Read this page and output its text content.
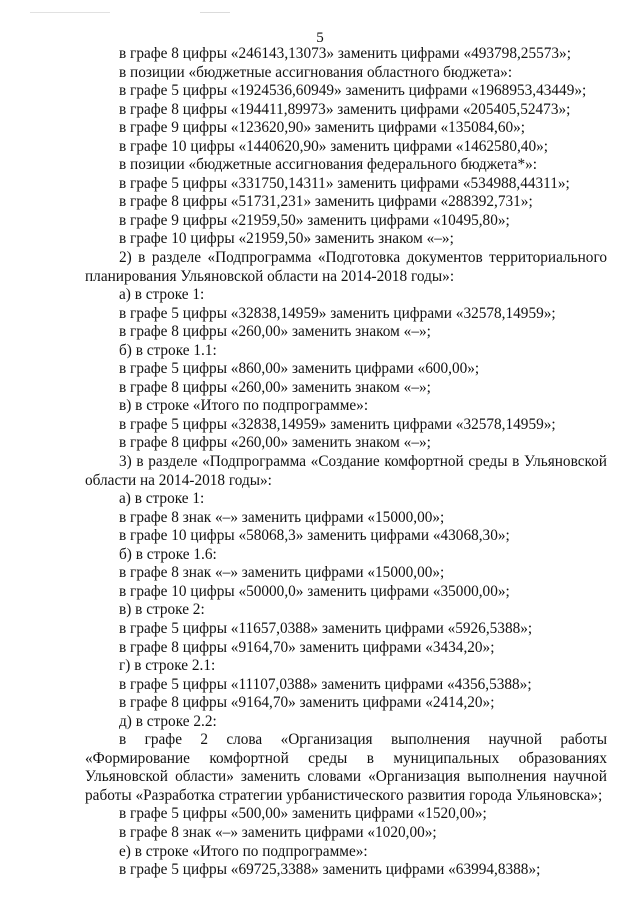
5
в графе 8 цифры «246143,13073» заменить цифрами «493798,25573»;
в позиции «бюджетные ассигнования областного бюджета»:
в графе 5 цифры «1924536,60949» заменить цифрами «1968953,43449»;
в графе 8 цифры «194411,89973» заменить цифрами «205405,52473»;
в графе 9 цифры «123620,90» заменить цифрами «135084,60»;
в графе 10 цифры «1440620,90» заменить цифрами «1462580,40»;
в позиции «бюджетные ассигнования федерального бюджета*»:
в графе 5 цифры «331750,14311» заменить цифрами «534988,44311»;
в графе 8 цифры «51731,231» заменить цифрами «288392,731»;
в графе 9 цифры «21959,50» заменить цифрами «10495,80»;
в графе 10 цифры «21959,50» заменить знаком «–»;
2) в разделе «Подпрограмма «Подготовка документов территориального
планирования Ульяновской области на 2014-2018 годы»:
а) в строке 1:
в графе 5 цифры «32838,14959» заменить цифрами «32578,14959»;
в графе 8 цифры «260,00» заменить знаком «–»;
б) в строке 1.1:
в графе 5 цифры «860,00» заменить цифрами «600,00»;
в графе 8 цифры «260,00» заменить знаком «–»;
в) в строке «Итого по подпрограмме»:
в графе 5 цифры «32838,14959» заменить цифрами «32578,14959»;
в графе 8 цифры «260,00» заменить знаком «–»;
3) в разделе «Подпрограмма «Создание комфортной среды в Ульяновской
области на 2014-2018 годы»:
а) в строке 1:
в графе 8 знак «–» заменить цифрами «15000,00»;
в графе 10 цифры «58068,3» заменить цифрами «43068,30»;
б) в строке 1.6:
в графе 8 знак «–» заменить цифрами «15000,00»;
в графе 10 цифры «50000,0» заменить цифрами «35000,00»;
в) в строке 2:
в графе 5 цифры «11657,0388» заменить цифрами «5926,5388»;
в графе 8 цифры «9164,70» заменить цифрами «3434,20»;
г) в строке 2.1:
в графе 5 цифры «11107,0388» заменить цифрами «4356,5388»;
в графе 8 цифры «9164,70» заменить цифрами «2414,20»;
д) в строке 2.2:
в графе 2 слова «Организация выполнения научной работы
«Формирование комфортной среды в муниципальных образованиях
Ульяновской области» заменить словами «Организация выполнения научной
работы «Разработка стратегии урбанистического развития города Ульяновска»;
в графе 5 цифры «500,00» заменить цифрами «1520,00»;
в графе 8 знак «–» заменить цифрами «1020,00»;
е) в строке «Итого по подпрограмме»:
в графе 5 цифры «69725,3388» заменить цифрами «63994,8388»;
